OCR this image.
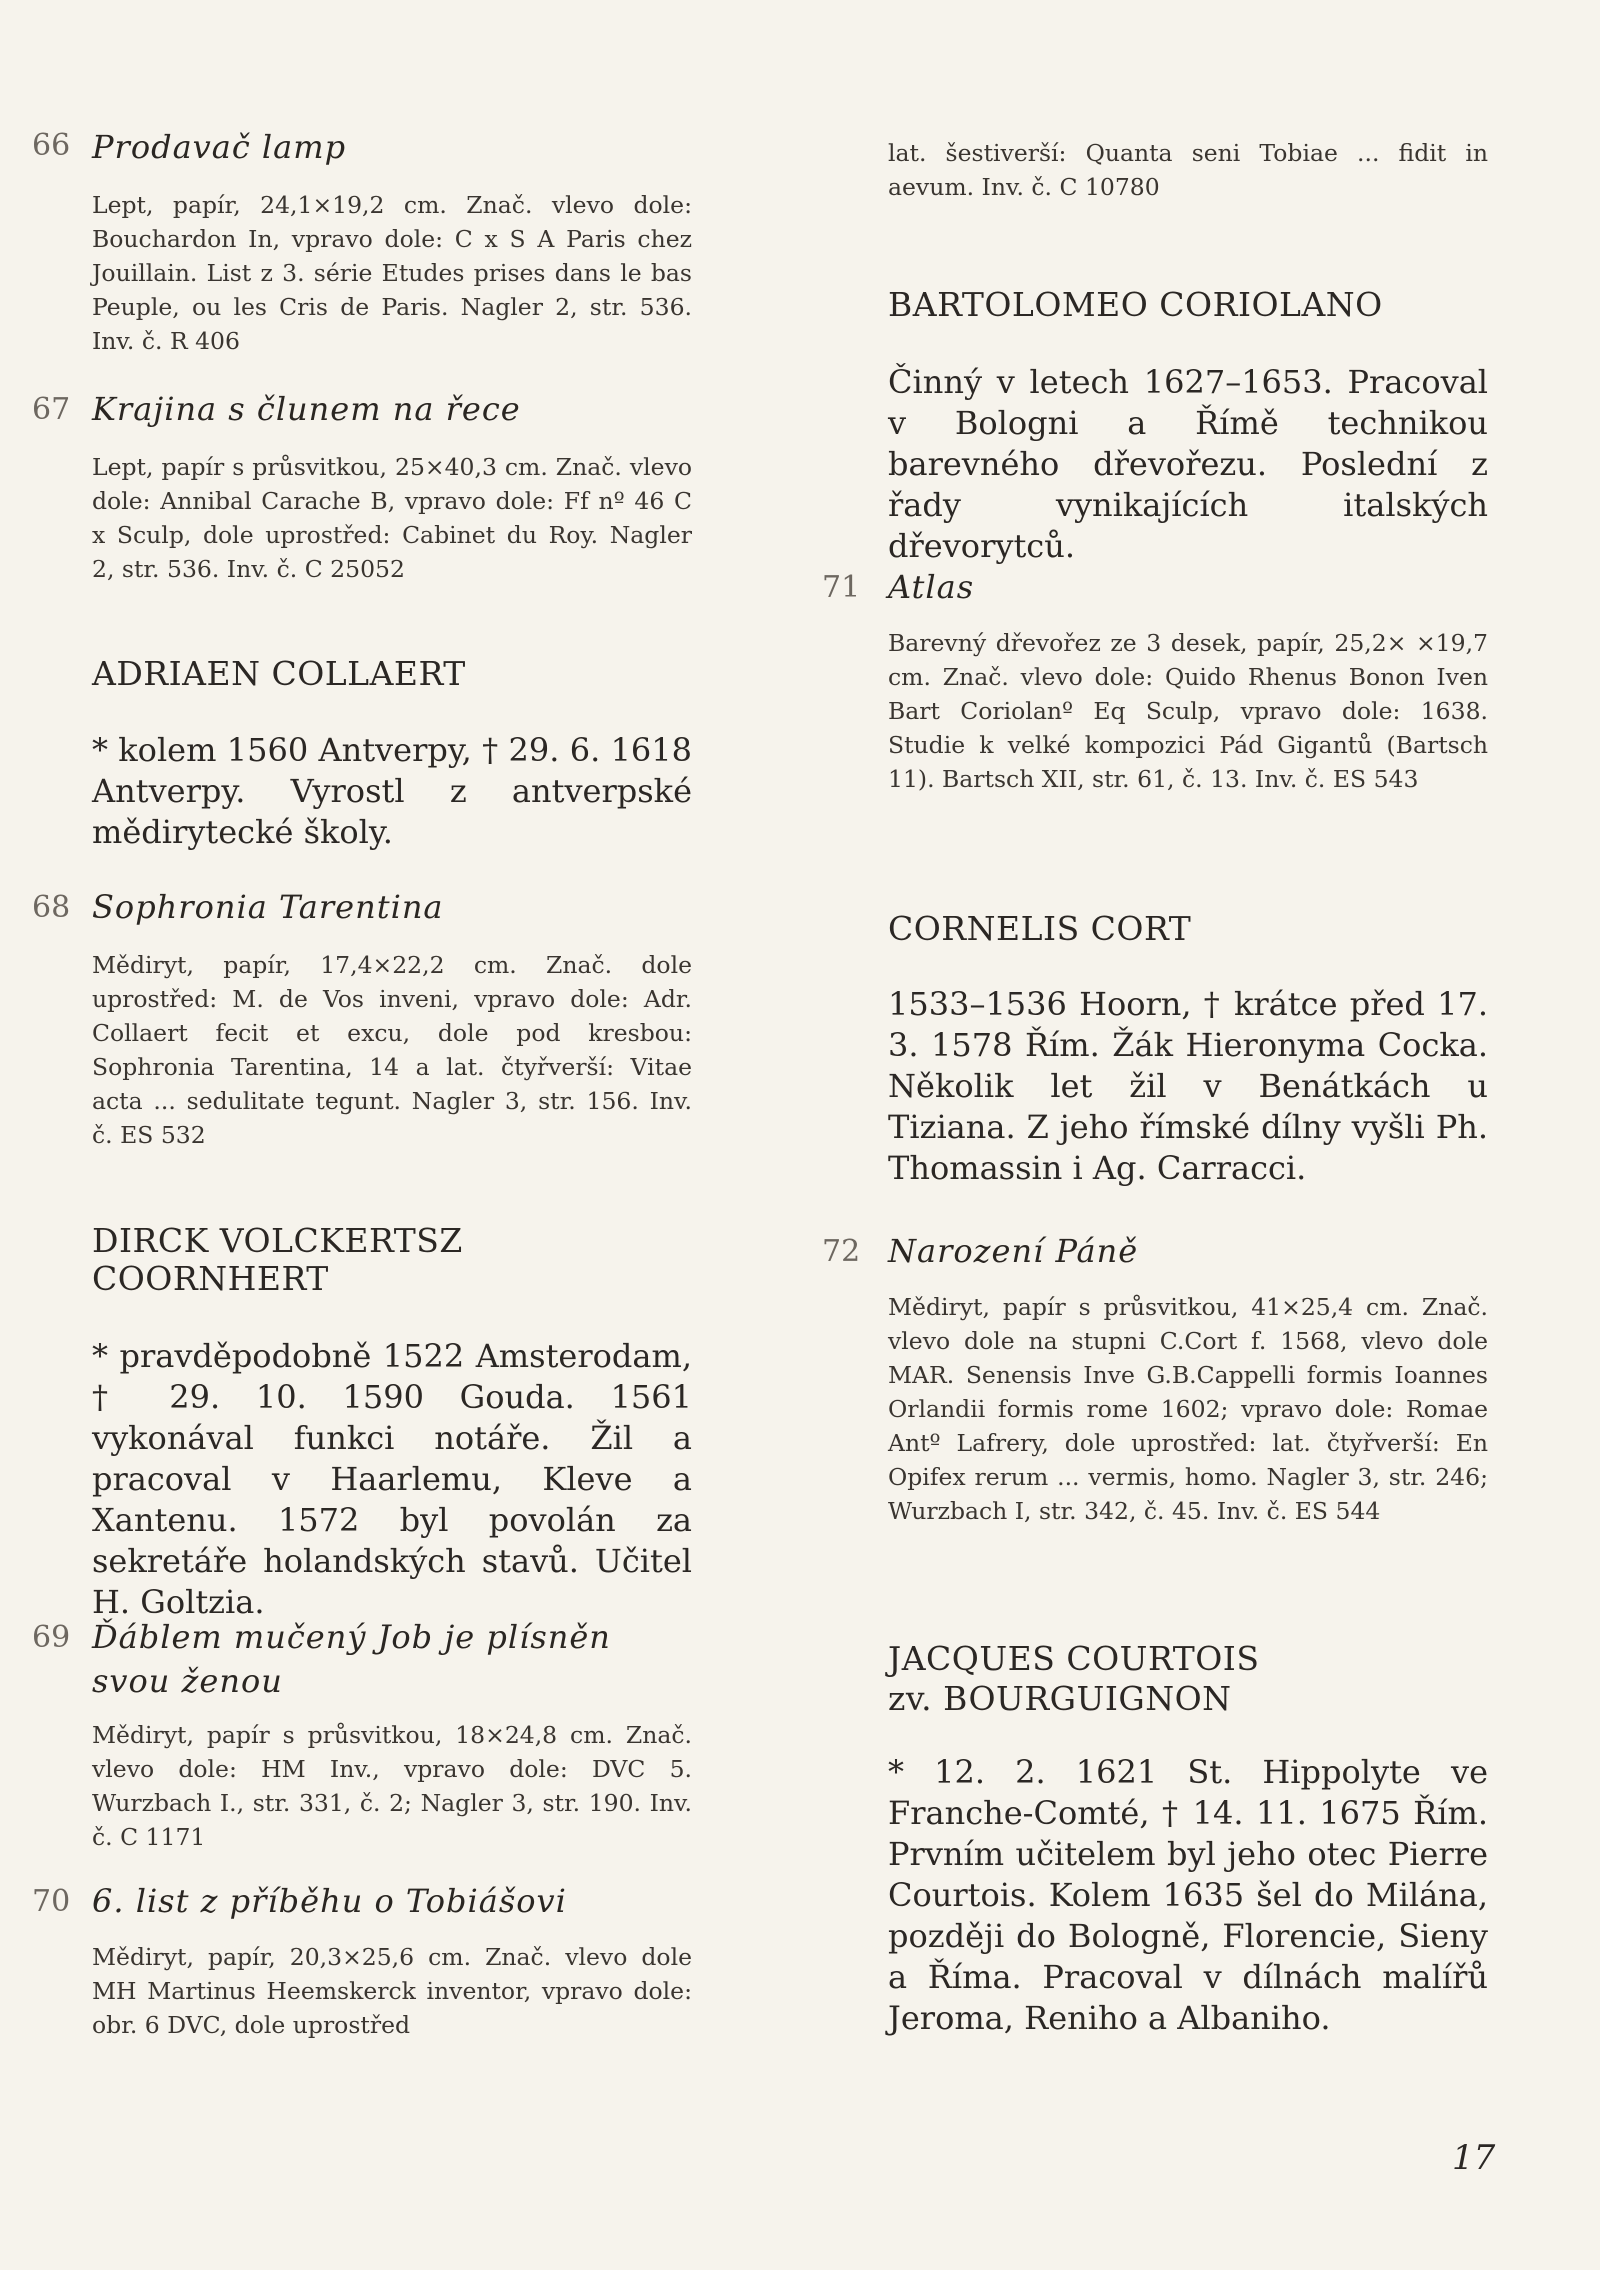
66 Prodavač lamp
Lept, papír, 24,1×19,2 cm. Znač. vlevo dole: Bouchardon In, vpravo dole: C x S A Paris chez Jouillain. List z 3. série Etudes prises dans le bas Peuple, ou les Cris de Paris. Nagler 2, str. 536. Inv. č. R 406
67 Krajina s člunem na řece
Lept, papír s průsvitkou, 25×40,3 cm. Znač. vlevo dole: Annibal Carache B, vpravo dole: Ff nº 46 C x Sculp, dole uprostřed: Cabinet du Roy. Nagler 2, str. 536. Inv. č. C 25052
ADRIAEN COLLAERT
* kolem 1560 Antverpy, † 29. 6. 1618 Antverpy. Vyrostl z antverpské mědirytecké školy.
68 Sophronia Tarentina
Mědiryt, papír, 17,4×22,2 cm. Znač. dole uprostřed: M. de Vos inveni, vpravo dole: Adr. Collaert fecit et excu, dole pod kresbou: Sophronia Tarentina, 14 a lat. čtyřverší: Vitae acta ... sedulitate tegunt. Nagler 3, str. 156. Inv. č. ES 532
DIRCK VOLCKERTSZ
COORNHERT
* pravděpodobně 1522 Amsterodam, † 29. 10. 1590 Gouda. 1561 vykonával funkci notáře. Žil a pracoval v Haarlemu, Kleve a Xantenu. 1572 byl povolán za sekretáře holandských stavů. Učitel H. Goltzia.
69 Ďáblem mučený Job je plísněn
svou ženou
Mědiryt, papír s průsvitkou, 18×24,8 cm. Znač. vlevo dole: HM Inv., vpravo dole: DVC 5. Wurzbach I., str. 331, č. 2; Nagler 3, str. 190. Inv. č. C 1171
70 6. list z příběhu o Tobiášovi
Mědiryt, papír, 20,3×25,6 cm. Znač. vlevo dole MH Martinus Heemskerck inventor, vpravo dole: obr. 6 DVC, dole uprostřed
lat. šestiverší: Quanta seni Tobiae ... fidit in aevum. Inv. č. C 10780
BARTOLOMEO CORIOLANO
Činný v letech 1627–1653. Pracoval v Bologni a Římě technikou barevného dřevořezu. Poslední z řady vynikajících italských dřevorytců.
71 Atlas
Barevný dřevořez ze 3 desek, papír, 25,2× ×19,7 cm. Znač. vlevo dole: Quido Rhenus Bonon Iven Bart Coriolanº Eq Sculp, vpravo dole: 1638. Studie k velké kompozici Pád Gigantů (Bartsch 11). Bartsch XII, str. 61, č. 13. Inv. č. ES 543
CORNELIS CORT
1533–1536 Hoorn, † krátce před 17. 3. 1578 Řím. Žák Hieronyma Cocka. Několik let žil v Benátkách u Tiziana. Z jeho římské dílny vyšli Ph. Thomassin i Ag. Carracci.
72 Narození Páně
Mědiryt, papír s průsvitkou, 41×25,4 cm. Znač. vlevo dole na stupni C.Cort f. 1568, vlevo dole MAR. Senensis Inve G.B.Cappelli formis Ioannes Orlandii formis rome 1602; vpravo dole: Romae Antº Lafrery, dole uprostřed: lat. čtyřverší: En Opifex rerum ... vermis, homo. Nagler 3, str. 246; Wurzbach I, str. 342, č. 45. Inv. č. ES 544
JACQUES COURTOIS
zv. BOURGUIGNON
* 12. 2. 1621 St. Hippolyte ve Franche-Comté, † 14. 11. 1675 Řím. Prvním učitelem byl jeho otec Pierre Courtois. Kolem 1635 šel do Milána, později do Bologně, Florencie, Sieny a Říma. Pracoval v dílnách malířů Jeroma, Reniho a Albaniho.
17
